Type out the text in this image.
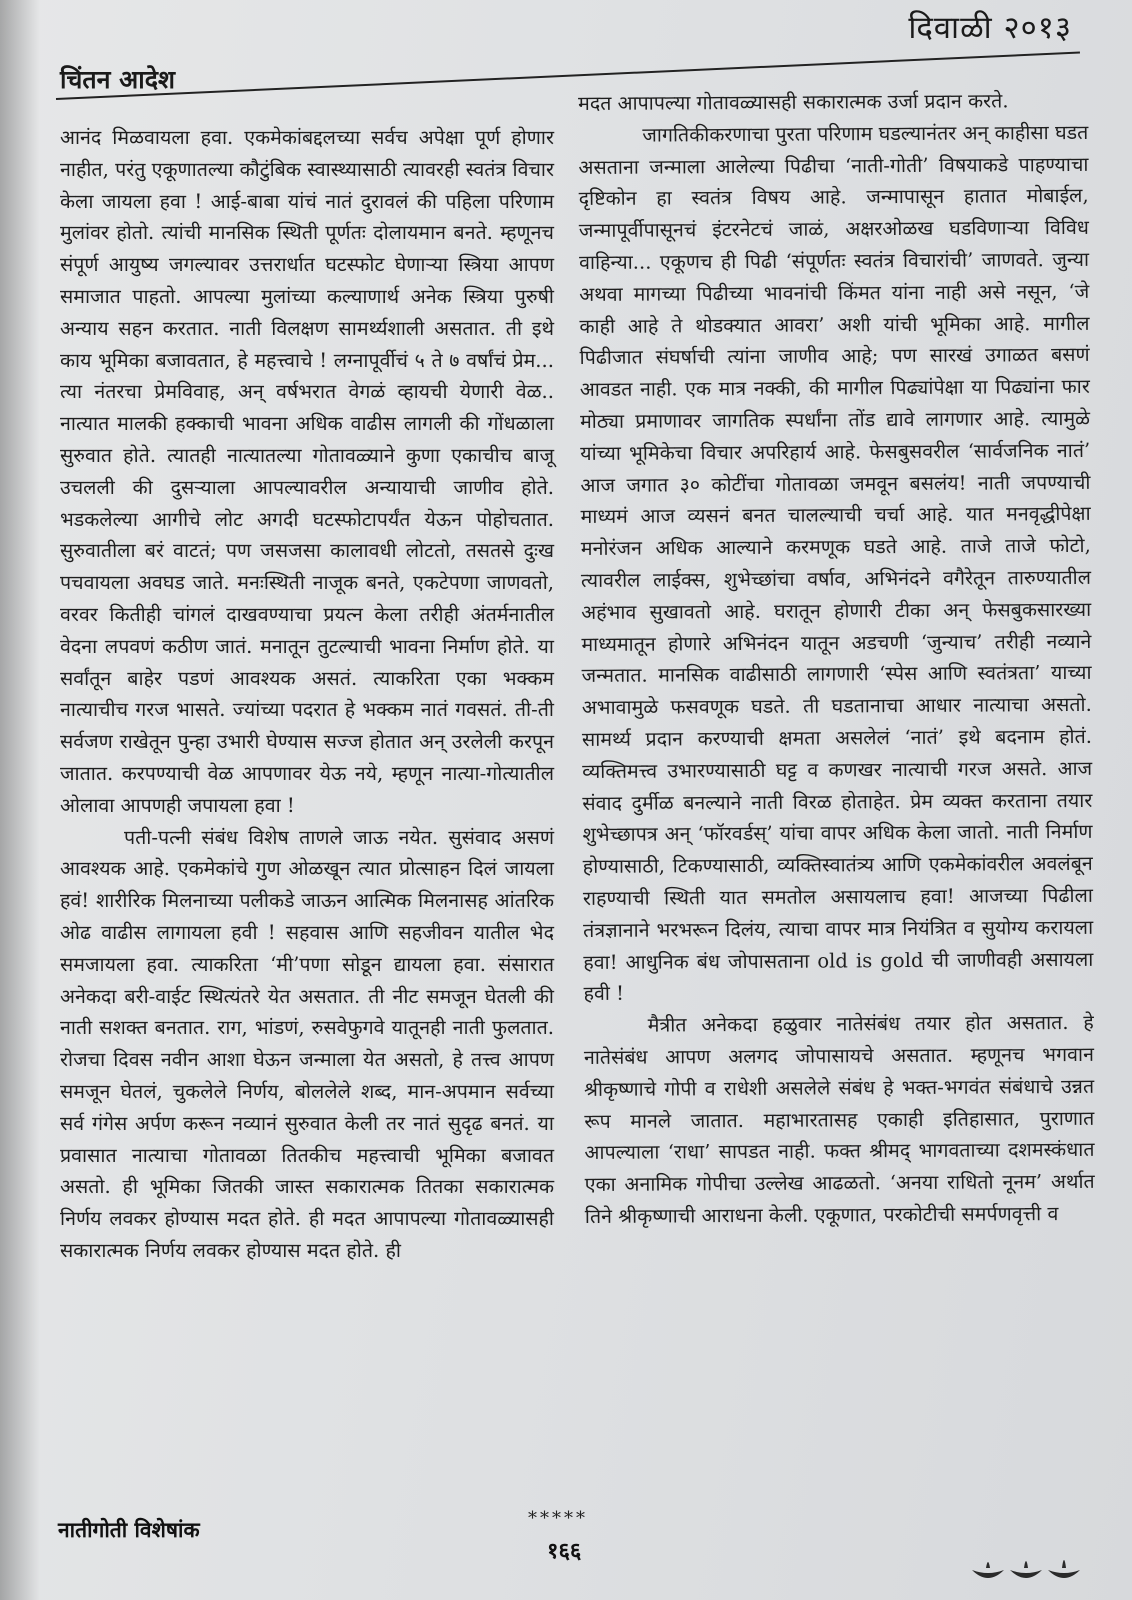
दिवाळी २०१३
चिंतन आदेश

आनंद मिळवायला हवा. एकमेकांबद्दलच्या सर्वच अपेक्षा पूर्ण होणार नाहीत, परंतु एकूणातल्या कौटुंबिक स्वास्थ्यासाठी त्यावरही स्वतंत्र विचार केला जायला हवा ! आई-बाबा यांचं नातं दुरावलं की पहिला परिणाम मुलांवर होतो. त्यांची मानसिक स्थिती पूर्णतः दोलायमान बनते. म्हणूनच संपूर्ण आयुष्य जगल्यावर उत्तरार्धात घटस्फोट घेणाऱ्या स्त्रिया आपण समाजात पाहतो. आपल्या मुलांच्या कल्याणार्थ अनेक स्त्रिया पुरुषी अन्याय सहन करतात. नाती विलक्षण सामर्थ्यशाली असतात. ती इथे काय भूमिका बजावतात, हे महत्त्वाचे ! लग्नापूर्वीचं ५ ते ७ वर्षांचं प्रेम... त्या नंतरचा प्रेमविवाह, अन् वर्षभरात वेगळं व्हायची येणारी वेळ.. नात्यात मालकी हक्काची भावना अधिक वाढीस लागली की गोंधळाला सुरुवात होते. त्यातही नात्यातल्या गोतावळ्याने कुणा एकाचीच बाजू उचलली की दुसऱ्याला आपल्यावरील अन्यायाची जाणीव होते. भडकलेल्या आगीचे लोट अगदी घटस्फोटापर्यंत येऊन पोहोचतात. सुरुवातीला बरं वाटतं; पण जसजसा कालावधी लोटतो, तसतसे दुःख पचवायला अवघड जाते. मनःस्थिती नाजूक बनते, एकटेपणा जाणवतो, वरवर कितीही चांगलं दाखवण्याचा प्रयत्न केला तरीही अंतर्मनातील वेदना लपवणं कठीण जातं. मनातून तुटल्याची भावना निर्माण होते. या सर्वांतून बाहेर पडणं आवश्यक असतं. त्याकरिता एका भक्कम नात्याचीच गरज भासते. ज्यांच्या पदरात हे भक्कम नातं गवसतं. ती-ती सर्वजण राखेतून पुन्हा उभारी घेण्यास सज्ज होतात अन् उरलेली करपून जातात. करपण्याची वेळ आपणावर येऊ नये, म्हणून नात्या-गोत्यातील ओलावा आपणही जपायला हवा !

पती-पत्नी संबंध विशेष ताणले जाऊ नयेत. सुसंवाद असणं आवश्यक आहे. एकमेकांचे गुण ओळखून त्यात प्रोत्साहन दिलं जायला हवं! शारीरिक मिलनाच्या पलीकडे जाऊन आत्मिक मिलनासह आंतरिक ओढ वाढीस लागायला हवी ! सहवास आणि सहजीवन यातील भेद समजायला हवा. त्याकरिता ‘मी’पणा सोडून द्यायला हवा. संसारात अनेकदा बरी-वाईट स्थित्यंतरे येत असतात. ती नीट समजून घेतली की नाती सशक्त बनतात. राग, भांडणं, रुसवेफुगवे यातूनही नाती फुलतात. रोजचा दिवस नवीन आशा घेऊन जन्माला येत असतो, हे तत्त्व आपण समजून घेतलं, चुकलेले निर्णय, बोललेले शब्द, मान-अपमान सर्वच्या सर्व गंगेस अर्पण करून नव्यानं सुरुवात केली तर नातं सुदृढ बनतं. या प्रवासात नात्याचा गोतावळा तितकीच महत्त्वाची भूमिका बजावत असतो. ही भूमिका जितकी जास्त सकारात्मक तितका सकारात्मक निर्णय लवकर होण्यास मदत होते. ही मदत आपापल्या गोतावळ्यासही सकारात्मक निर्णय लवकर होण्यास मदत होते. ही

मदत आपापल्या गोतावळ्यासही सकारात्मक उर्जा प्रदान करते.

जागतिकीकरणाचा पुरता परिणाम घडल्यानंतर अन् काहीसा घडत असताना जन्माला आलेल्या पिढीचा ‘नाती-गोती’ विषयाकडे पाहण्याचा दृष्टिकोन हा स्वतंत्र विषय आहे. जन्मापासून हातात मोबाईल, जन्मापूर्वीपासूनचं इंटरनेटचं जाळं, अक्षरओळख घडविणाऱ्या विविध वाहिन्या... एकूणच ही पिढी ‘संपूर्णतः स्वतंत्र विचारांची’ जाणवते. जुन्या अथवा मागच्या पिढीच्या भावनांची किंमत यांना नाही असे नसून, ‘जे काही आहे ते थोडक्यात आवरा’ अशी यांची भूमिका आहे. मागील पिढीजात संघर्षाची त्यांना जाणीव आहे; पण सारखं उगाळत बसणं आवडत नाही. एक मात्र नक्की, की मागील पिढ्यांपेक्षा या पिढ्यांना फार मोठ्या प्रमाणावर जागतिक स्पर्धांना तोंड द्यावे लागणार आहे. त्यामुळे यांच्या भूमिकेचा विचार अपरिहार्य आहे. फेसबुसवरील ‘सार्वजनिक नातं’ आज जगात ३० कोटींचा गोतावळा जमवून बसलंय! नाती जपण्याची माध्यमं आज व्यसनं बनत चालल्याची चर्चा आहे. यात मनवृद्धीपेक्षा मनोरंजन अधिक आल्याने करमणूक घडते आहे. ताजे ताजे फोटो, त्यावरील लाईक्स, शुभेच्छांचा वर्षाव, अभिनंदने वगैरेतून तारुण्यातील अहंभाव सुखावतो आहे. घरातून होणारी टीका अन् फेसबुकसारख्या माध्यमातून होणारे अभिनंदन यातून अडचणी ‘जुन्याच’ तरीही नव्याने जन्मतात. मानसिक वाढीसाठी लागणारी ‘स्पेस आणि स्वतंत्रता’ याच्या अभावामुळे फसवणूक घडते. ती घडतानाचा आधार नात्याचा असतो. सामर्थ्य प्रदान करण्याची क्षमता असलेलं ‘नातं’ इथे बदनाम होतं. व्यक्तिमत्त्व उभारण्यासाठी घट्ट व कणखर नात्याची गरज असते. आज संवाद दुर्मीळ बनल्याने नाती विरळ होताहेत. प्रेम व्यक्त करताना तयार शुभेच्छापत्र अन् ‘फॉरवर्डस्’ यांचा वापर अधिक केला जातो. नाती निर्माण होण्यासाठी, टिकण्यासाठी, व्यक्तिस्वातंत्र्य आणि एकमेकांवरील अवलंबून राहण्याची स्थिती यात समतोल असायलाच हवा! आजच्या पिढीला तंत्रज्ञानाने भरभरून दिलंय, त्याचा वापर मात्र नियंत्रित व सुयोग्य करायला हवा! आधुनिक बंध जोपासताना old is gold ची जाणीवही असायला हवी !

मैत्रीत अनेकदा हळुवार नातेसंबंध तयार होत असतात. हे नातेसंबंध आपण अलगद जोपासायचे असतात. म्हणूनच भगवान श्रीकृष्णाचे गोपी व राधेशी असलेले संबंध हे भक्त-भगवंत संबंधाचे उन्नत रूप मानले जातात. महाभारतासह एकाही इतिहासात, पुराणात आपल्याला ‘राधा’ सापडत नाही. फक्त श्रीमद् भागवताच्या दशमस्कंधात एका अनामिक गोपीचा उल्लेख आढळतो. ‘अनया राधितो नूनम’ अर्थात तिने श्रीकृष्णाची आराधना केली. एकूणात, परकोटीची समर्पणवृत्ती व

नातीगोती विशेषांक	*****
१६६
